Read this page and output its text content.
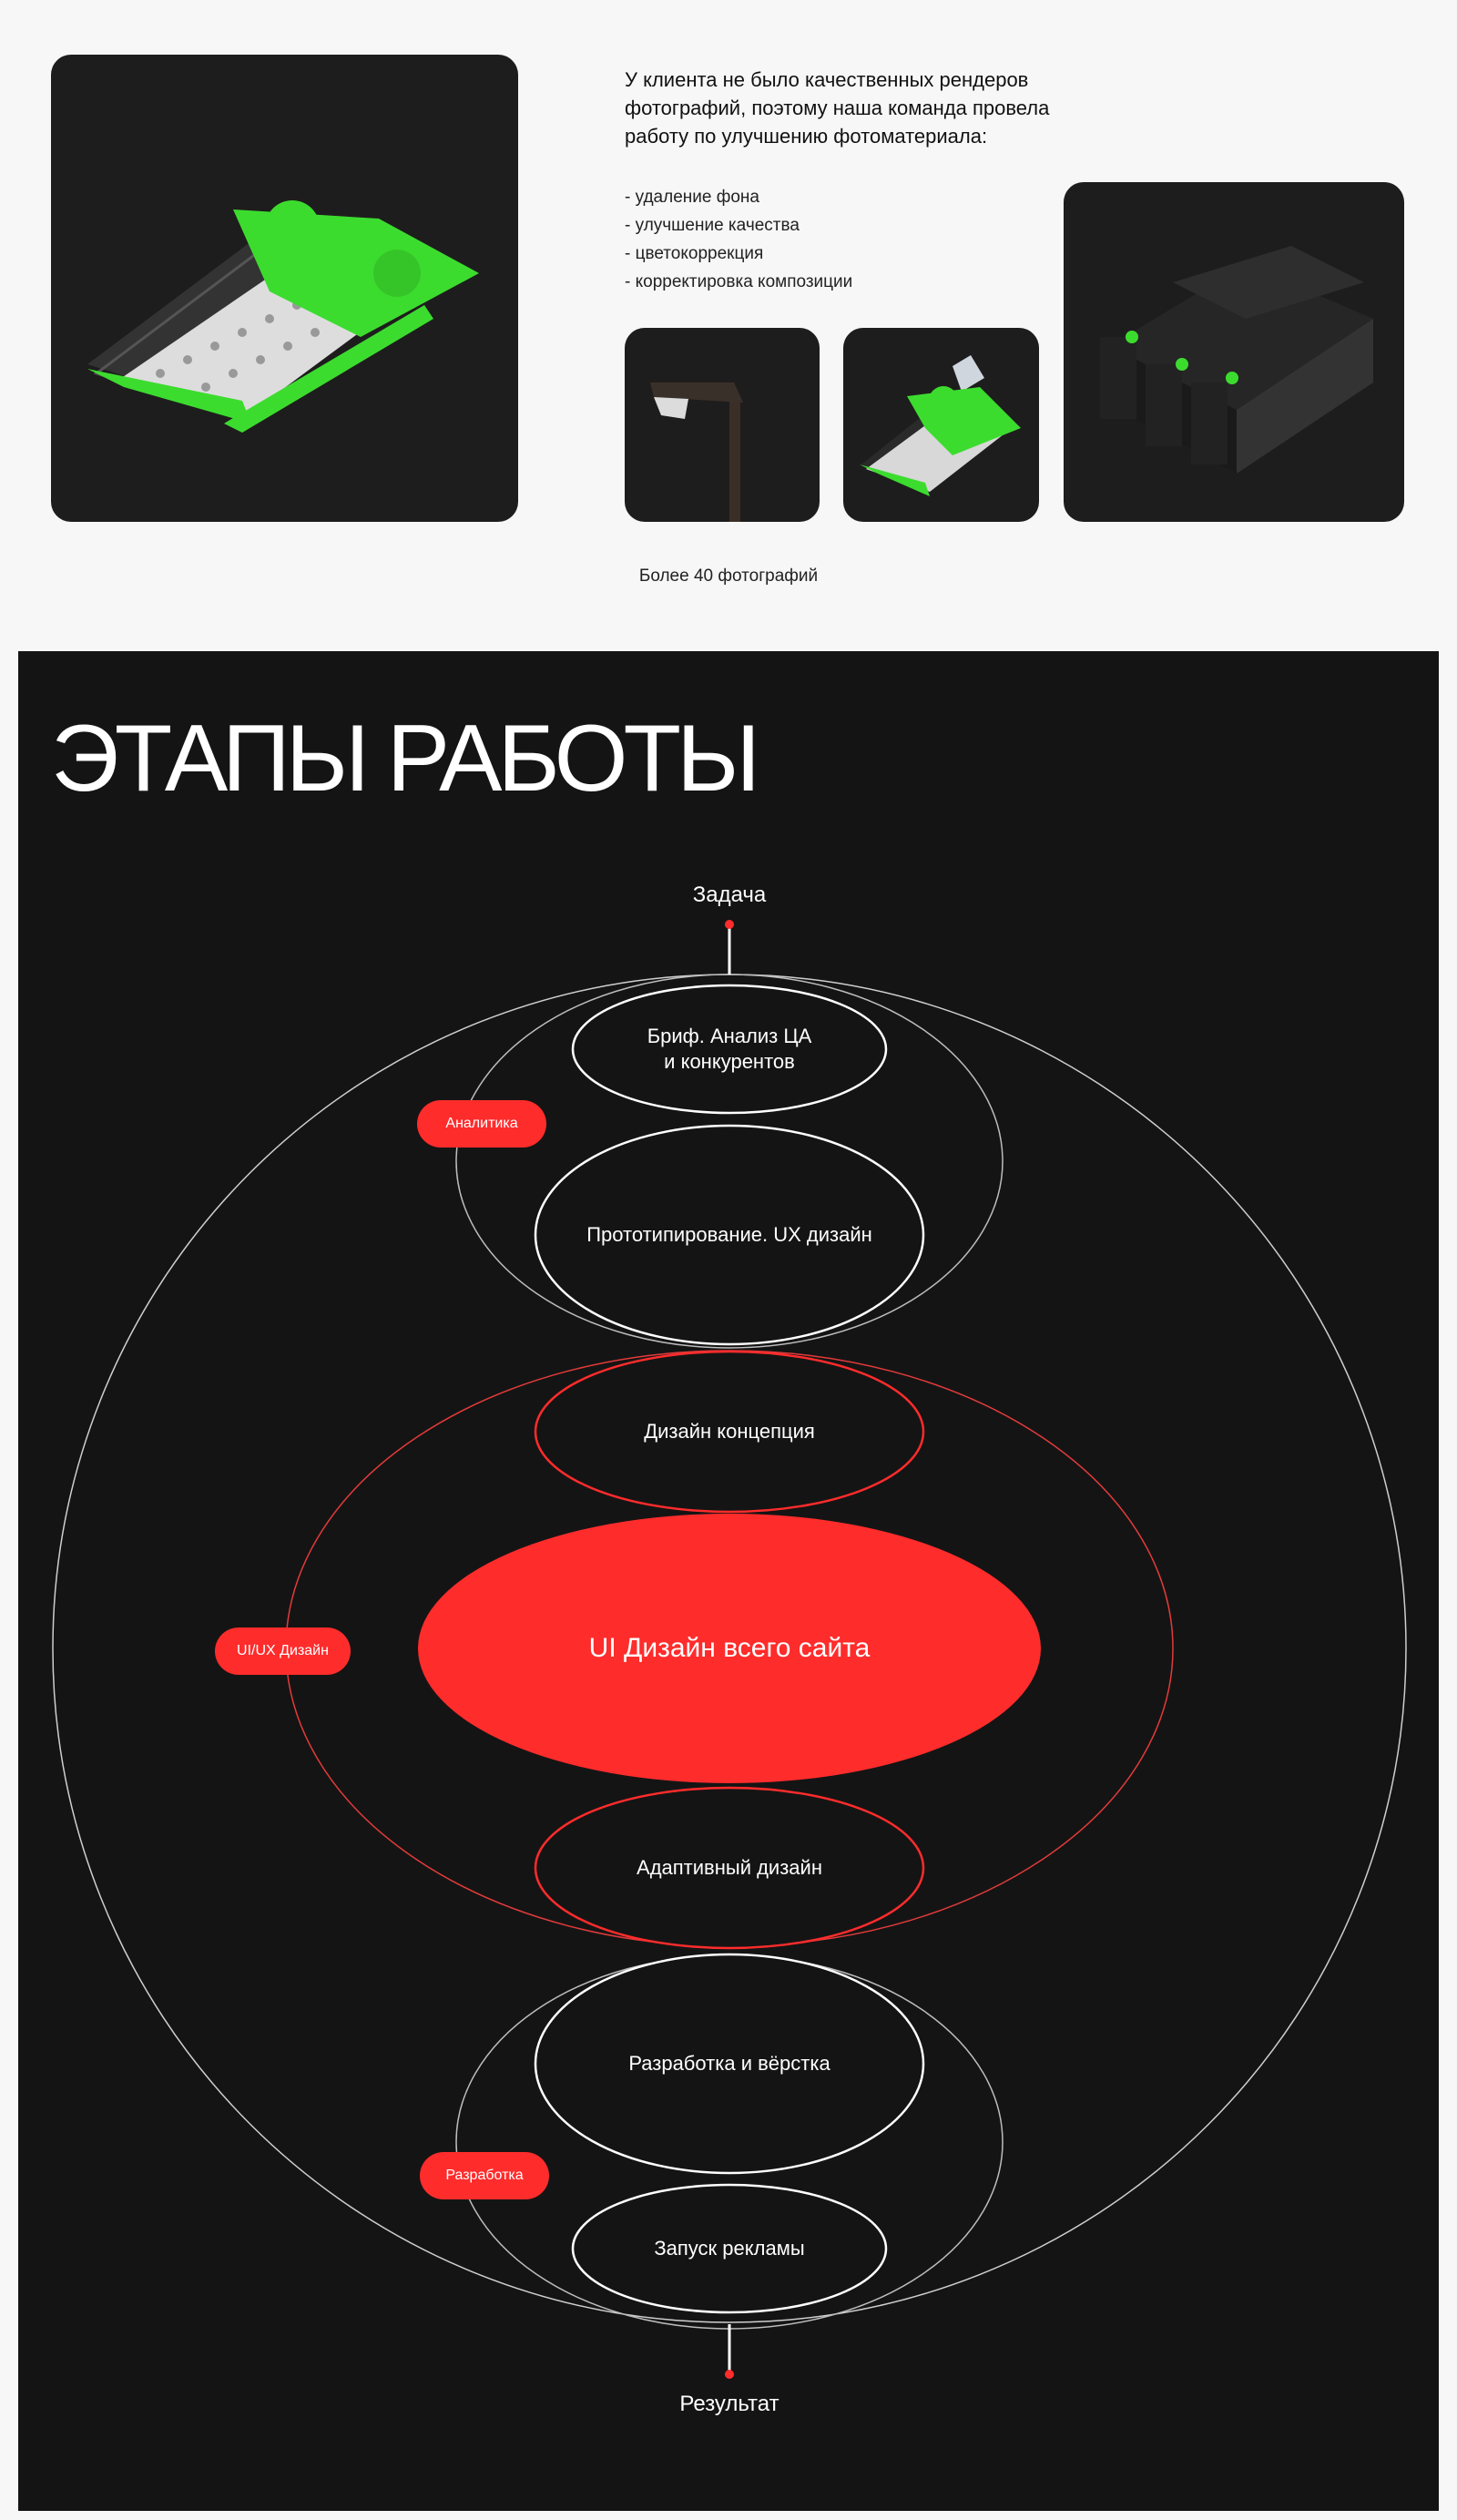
У клиента не было качественных рендеров фотографий, поэтому наша команда провела работу по улучшению фотоматериала:

- удаление фона
- улучшение качества
- цветокоррекция
- корректировка композиции
Более 40 фотографий
ЭТАПЫ РАБОТЫ
Задача
Результат
Бриф. Анализ ЦА
и конкурентов
Прототипирование. UX дизайн
Дизайн концепция
UI Дизайн всего сайта
Адаптивный дизайн
Разработка и вёрстка
Запуск рекламы
Аналитика
UI/UX Дизайн
Разработка
